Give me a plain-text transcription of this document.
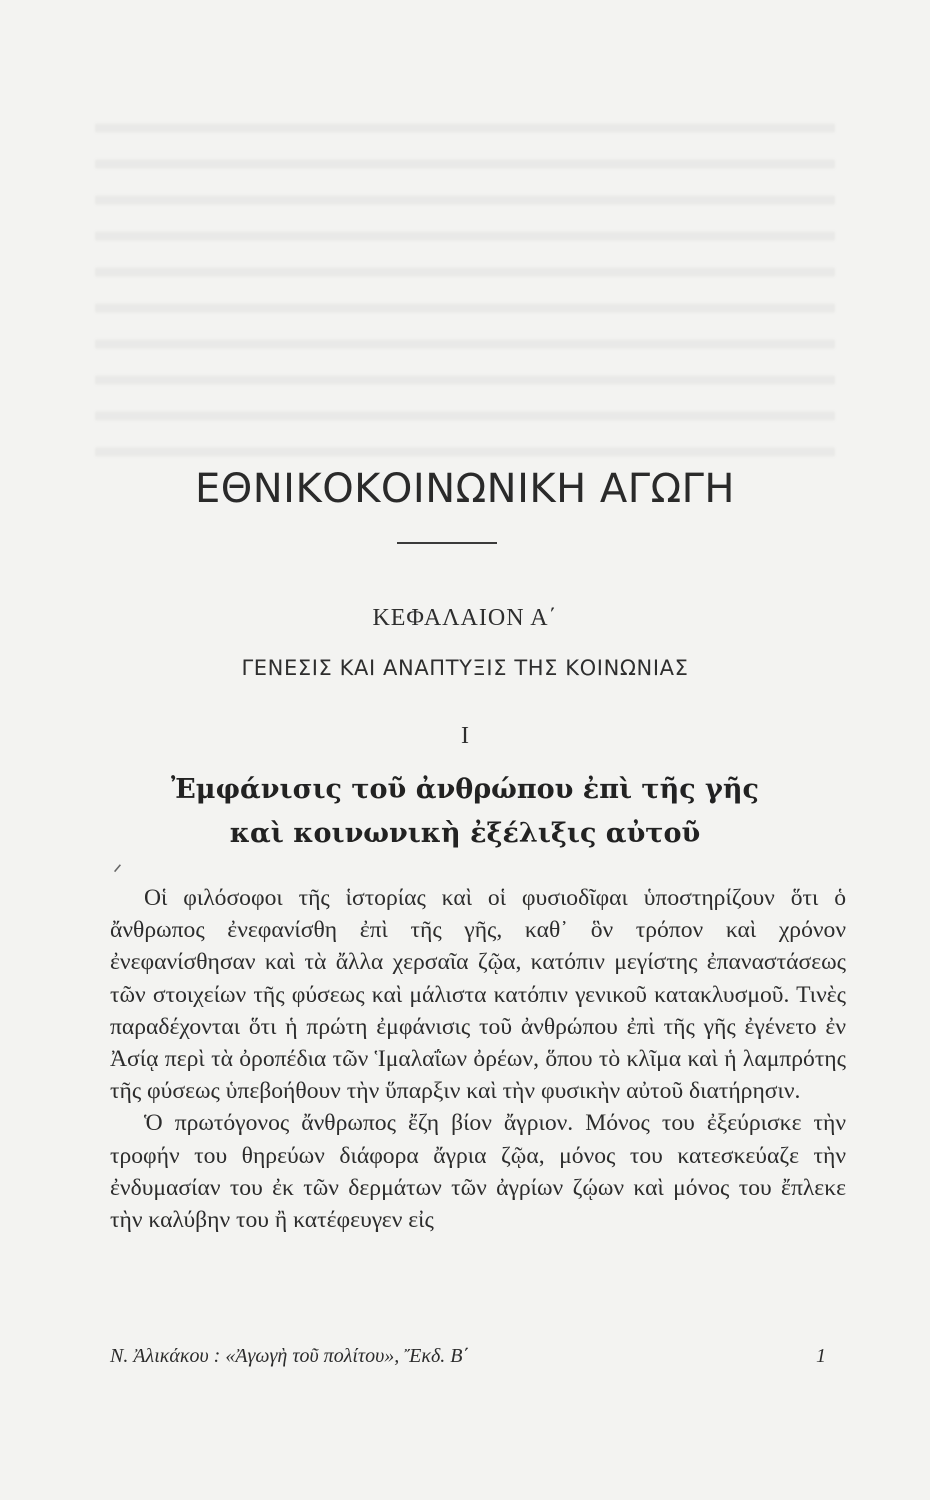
ΕΘΝΙΚΟΚΟΙΝΩΝΙΚΗ ΑΓΩΓΗ
ΚΕΦΑΛΑΙΟΝ Α΄
ΓΕΝΕΣΙΣ ΚΑΙ ΑΝΑΠΤΥΞΙΣ ΤΗΣ ΚΟΙΝΩΝΙΑΣ
Ι
Ἐμφάνισις τοῦ ἀνθρώπου ἐπὶ τῆς γῆς
καὶ κοινωνικὴ ἐξέλιξις αὐτοῦ
ᐟ

Οἱ φιλόσοφοι τῆς ἱστορίας καὶ οἱ φυσιοδῖφαι ὑποστηρίζουν ὅτι ὁ ἄνθρωπος ἐνεφανίσθη ἐπὶ τῆς γῆς, καθ᾽ ὃν τρόπον καὶ χρόνον ἐνεφανίσθησαν καὶ τὰ ἄλλα χερσαῖα ζῷα, κατόπιν μεγίστης ἐπαναστάσεως τῶν στοιχείων τῆς φύσεως καὶ μάλιστα κατόπιν γενικοῦ κατακλυσμοῦ. Τινὲς παραδέχονται ὅτι ἡ πρώτη ἐμφάνισις τοῦ ἀνθρώπου ἐπὶ τῆς γῆς ἐγένετο ἐν Ἀσίᾳ περὶ τὰ ὀροπέδια τῶν Ἱμαλαΐων ὀρέων, ὅπου τὸ κλῖμα καὶ ἡ λαμπρότης τῆς φύσεως ὑπεβοήθουν τὴν ὕπαρξιν καὶ τὴν φυσικὴν αὐτοῦ διατήρησιν.

Ὁ πρωτόγονος ἄνθρωπος ἔζη βίον ἄγριον. Μόνος του ἐξεύρισκε τὴν τροφήν του θηρεύων διάφορα ἄγρια ζῷα, μόνος του κατεσκεύαζε τὴν ἐνδυμασίαν του ἐκ τῶν δερμάτων τῶν ἀγρίων ζῴων καὶ μόνος του ἔπλεκε τὴν καλύβην του ἢ κατέφευγεν εἰς

Ν. Ἀλικάκου : «Ἀγωγὴ τοῦ πολίτου», Ἔκδ. Β΄	1
